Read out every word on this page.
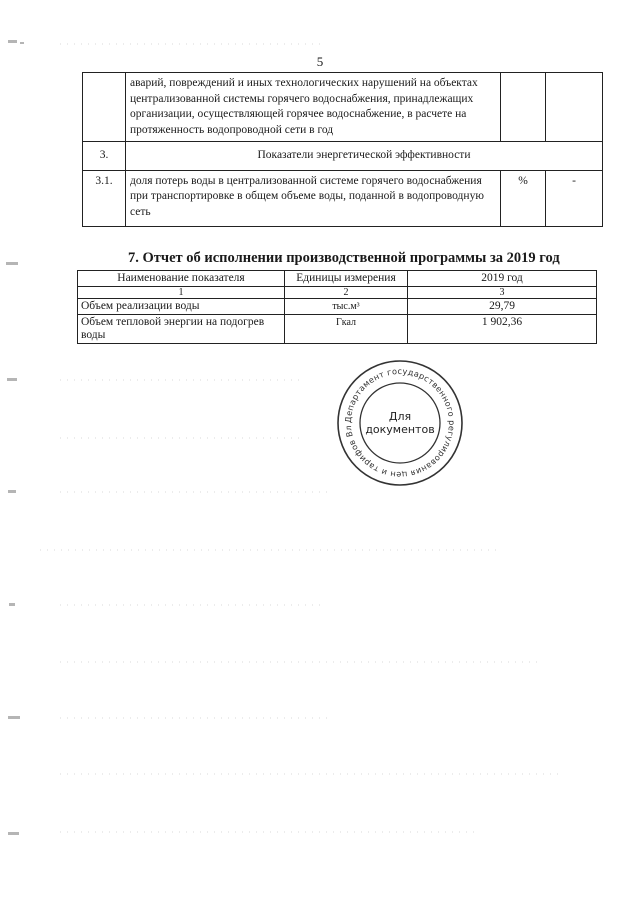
5
	аварий, повреждений и иных технологических нарушений на объектах централизованной системы горячего водоснабжения, принадлежащих организации, осуществляющей горячее водоснабжение, в расчете на протяженность водопроводной сети в год		
3.	Показатели энергетической эффективности		
3.1.	доля потерь воды в централизованной системе горячего водоснабжения при транспортировке в общем объеме воды, поданной в водопроводную сеть	%	-
7. Отчет об исполнении производственной программы за 2019 год
Наименование показателя	Единицы измерения	2019 год
1	2	3
Объем реализации воды	тыс.м³	29,79
Объем тепловой энергии на подогрев воды	Гкал	1 902,36
Департамент государственного регулирования цен и тарифов Вл
Для
документов
